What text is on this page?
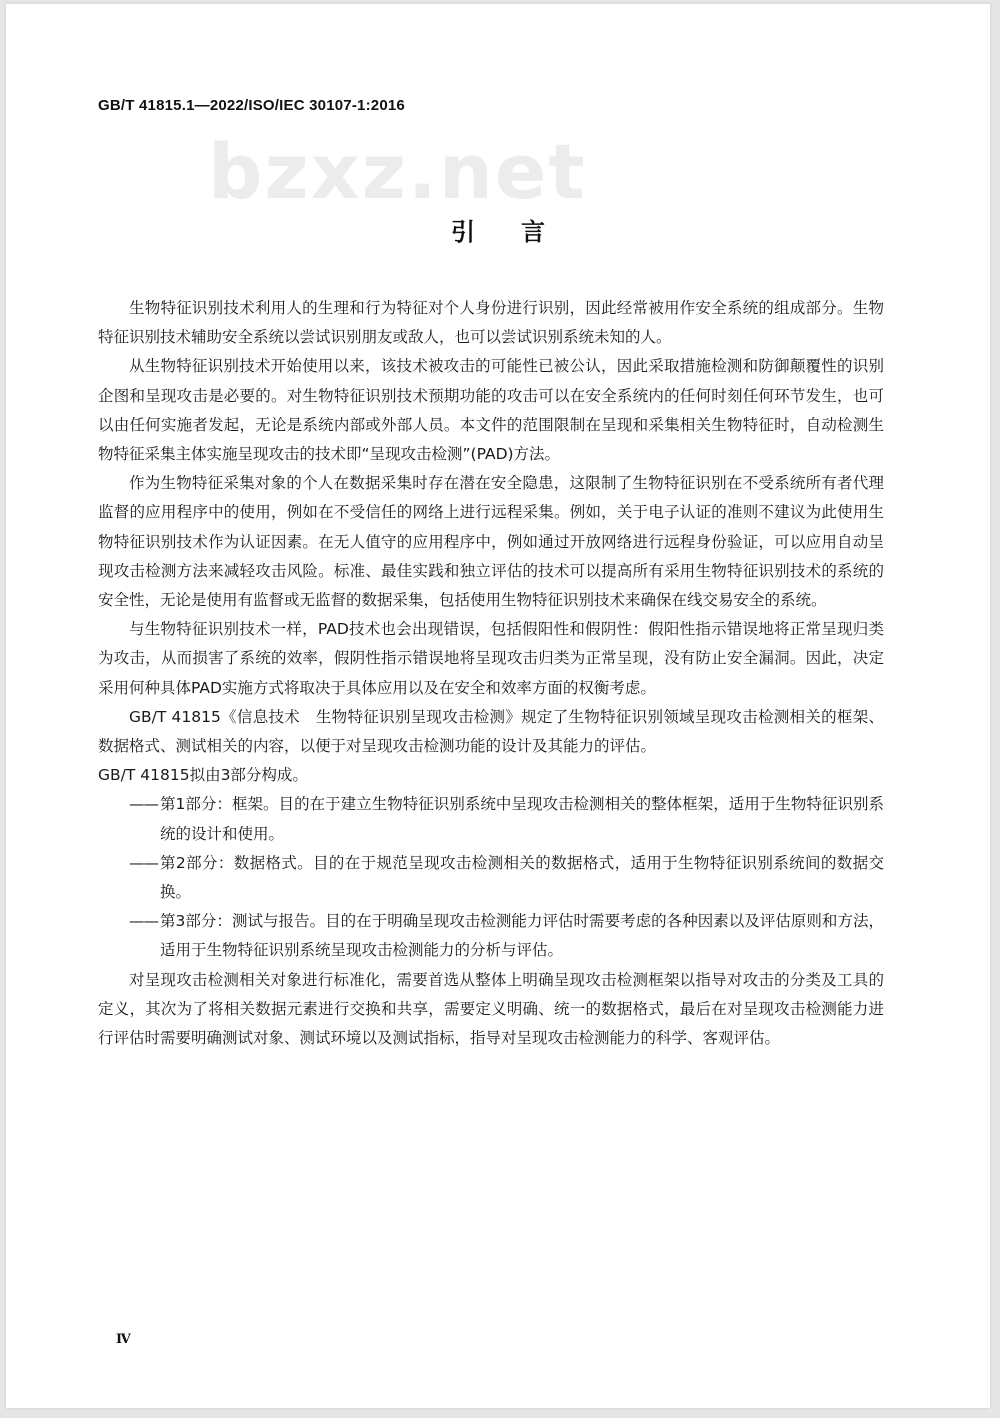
GB/T 41815.1—2022/ISO/IEC 30107-1:2016
bzxz.net
引言

生物特征识别技术利用人的生理和行为特征对个人身份进行识别，因此经常被用作安全系统的组成部分。生物特征识别技术辅助安全系统以尝试识别朋友或敌人，也可以尝试识别系统未知的人。

从生物特征识别技术开始使用以来，该技术被攻击的可能性已被公认，因此采取措施检测和防御颠覆性的识别企图和呈现攻击是必要的。对生物特征识别技术预期功能的攻击可以在安全系统内的任何时刻任何环节发生，也可以由任何实施者发起，无论是系统内部或外部人员。本文件的范围限制在呈现和采集相关生物特征时，自动检测生物特征采集主体实施呈现攻击的技术即“呈现攻击检测”(PAD)方法。

作为生物特征采集对象的个人在数据采集时存在潜在安全隐患，这限制了生物特征识别在不受系统所有者代理监督的应用程序中的使用，例如在不受信任的网络上进行远程采集。例如，关于电子认证的准则不建议为此使用生物特征识别技术作为认证因素。在无人值守的应用程序中，例如通过开放网络进行远程身份验证，可以应用自动呈现攻击检测方法来减轻攻击风险。标准、最佳实践和独立评估的技术可以提高所有采用生物特征识别技术的系统的安全性，无论是使用有监督或无监督的数据采集，包括使用生物特征识别技术来确保在线交易安全的系统。

与生物特征识别技术一样，PAD技术也会出现错误，包括假阳性和假阴性：假阳性指示错误地将正常呈现归类为攻击，从而损害了系统的效率，假阴性指示错误地将呈现攻击归类为正常呈现，没有防止安全漏洞。因此，决定采用何种具体PAD实施方式将取决于具体应用以及在安全和效率方面的权衡考虑。

GB/T 41815《信息技术　生物特征识别呈现攻击检测》规定了生物特征识别领域呈现攻击检测相关的框架、数据格式、测试相关的内容，以便于对呈现攻击检测功能的设计及其能力的评估。

GB/T 41815拟由3部分构成。

—— 第1部分：框架。目的在于建立生物特征识别系统中呈现攻击检测相关的整体框架，适用于生物特征识别系统的设计和使用。
—— 第2部分：数据格式。目的在于规范呈现攻击检测相关的数据格式，适用于生物特征识别系统间的数据交换。
—— 第3部分：测试与报告。目的在于明确呈现攻击检测能力评估时需要考虑的各种因素以及评估原则和方法，适用于生物特征识别系统呈现攻击检测能力的分析与评估。

对呈现攻击检测相关对象进行标准化，需要首选从整体上明确呈现攻击检测框架以指导对攻击的分类及工具的定义，其次为了将相关数据元素进行交换和共享，需要定义明确、统一的数据格式，最后在对呈现攻击检测能力进行评估时需要明确测试对象、测试环境以及测试指标，指导对呈现攻击检测能力的科学、客观评估。

Ⅳ
